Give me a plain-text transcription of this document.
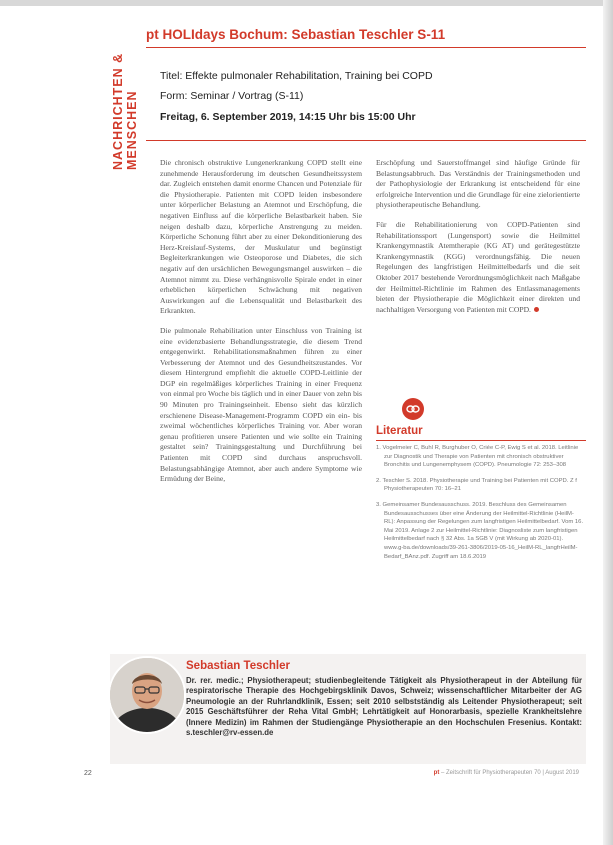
NACHRICHTEN & MENSCHEN
pt HOLIdays Bochum: Sebastian Teschler S-11
Titel: Effekte pulmonaler Rehabilitation, Training bei COPD
Form: Seminar / Vortrag (S-11)
Freitag, 6. September 2019, 14:15 Uhr bis 15:00 Uhr

Die chronisch obstruktive Lungenerkrankung COPD stellt eine zunehmende Herausforderung im deutschen Gesundheitssystem dar. Zugleich entstehen damit enorme Chancen und Potenziale für die Physiotherapie. Patienten mit COPD leiden insbesondere unter körperlicher Belastung an Atemnot und Erschöpfung, die negativen Einfluss auf die körperliche Belastbarkeit haben. Sie neigen deshalb dazu, körperliche Anstrengung zu meiden. Körperliche Schonung führt aber zu einer Dekonditionierung des Herz-Kreislauf-Systems, der Muskulatur und begünstigt Begleiterkrankungen wie Osteoporose und Diabetes, die sich negativ auf den ursächlichen Bewegungsmangel auswirken – die Atemnot nimmt zu. Diese verhängnisvolle Spirale endet in einer erheblichen körperlichen Schwächung mit negativen Auswirkungen auf die Lebensqualität und Belastbarkeit des Erkrankten.

Die pulmonale Rehabilitation unter Einschluss von Training ist eine evidenzbasierte Behandlungsstrategie, die diesem Trend entgegenwirkt. Rehabilitationsmaßnahmen führen zu einer Verbesserung der Atemnot und des Gesundheitszustandes. Vor diesem Hintergrund empfiehlt die aktuelle COPD-Leitlinie der DGP ein regelmäßiges körperliches Training in einer Frequenz von einmal pro Woche bis täglich und in einer Dauer von zehn bis 90 Minuten pro Trainingseinheit. Ebenso sieht das kürzlich erschienene Disease-Management-Programm COPD ein ein- bis zweimal wöchentliches körperliches Training vor. Aber woran genau profitieren unsere Patienten und wie sollte ein Training gestaltet sein? Trainingsgestaltung und Durchführung bei Patienten mit COPD sind durchaus anspruchsvoll. Belastungsabhängige Atemnot, aber auch andere Symptome wie Ermüdung der Beine,

Erschöpfung und Sauerstoffmangel sind häufige Gründe für Belastungsabbruch. Das Verständnis der Trainingsmethoden und der Pathophysiologie der Erkrankung ist entscheidend für eine erfolgreiche Intervention und die Grundlage für eine zielorientierte physiotherapeutische Behandlung.

Für die Rehabilitationierung von COPD-Patienten sind Rehabilitationssport (Lungensport) sowie die Heilmittel Krankengymnastik Atemtherapie (KG AT) und gerätegestützte Krankengymnastik (KGG) verordnungsfähig. Die neuen Regelungen des langfristigen Heilmittelbedarfs und die seit Oktober 2017 bestehende Verordnungsmöglichkeit nach Maßgabe der Heilmittel-Richtlinie im Rahmen des Entlassmanagements bieten der Physiotherapie die Möglichkeit einer direkten und nachhaltigen Versorgung von Patienten mit COPD.

Literatur
1. Vogelmeier C, Buhl R, Burghuber O, Criée C-P, Ewig S et al. 2018. Leitlinie zur Diagnostik und Therapie von Patienten mit chronisch obstruktiver Bronchitis und Lungenemphysem (COPD). Pneumologie 72: 253–308
2. Teschler S. 2018. Physiotherapie und Training bei Patienten mit COPD. Z f Physiotherapeuten 70: 16–21
3. Gemeinsamer Bundesausschuss. 2019. Beschluss des Gemeinsamen Bundesausschusses über eine Änderung der Heilmittel-Richtlinie (HeilM-RL): Anpassung der Regelungen zum langfristigen Heilmittelbedarf. Vom 16. Mai 2019. Anlage 2 zur Heilmittel-Richtlinie: Diagnosliste zum langfristigen Heilmittelbedarf nach § 32 Abs. 1a SGB V (mit Wirkung ab 2020-01). www.g-ba.de/downloads/39-261-3806/2019-05-16_HeilM-RL_langfrHeilM-Bedarf_BAnz.pdf. Zugriff am 18.6.2019
Sebastian Teschler
Dr. rer. medic.; Physiotherapeut; studienbegleitende Tätigkeit als Physiotherapeut in der Abteilung für respiratorische Therapie des Hochgebirgsklinik Davos, Schweiz; wissenschaftlicher Mitarbeiter der AG Pneumologie an der Ruhrlandklinik, Essen; seit 2010 selbstständig als Leitender Physiotherapeut; seit 2015 Geschäftsführer der Reha Vital GmbH; Lehrtätigkeit auf Honorarbasis, spezielle Krankheitslehre (Innere Medizin) im Rahmen der Studiengänge Physiotherapie an den Hochschulen Fresenius. Kontakt: s.teschler@rv-essen.de
22	pt – Zeitschrift für Physiotherapeuten 70 | August 2019
